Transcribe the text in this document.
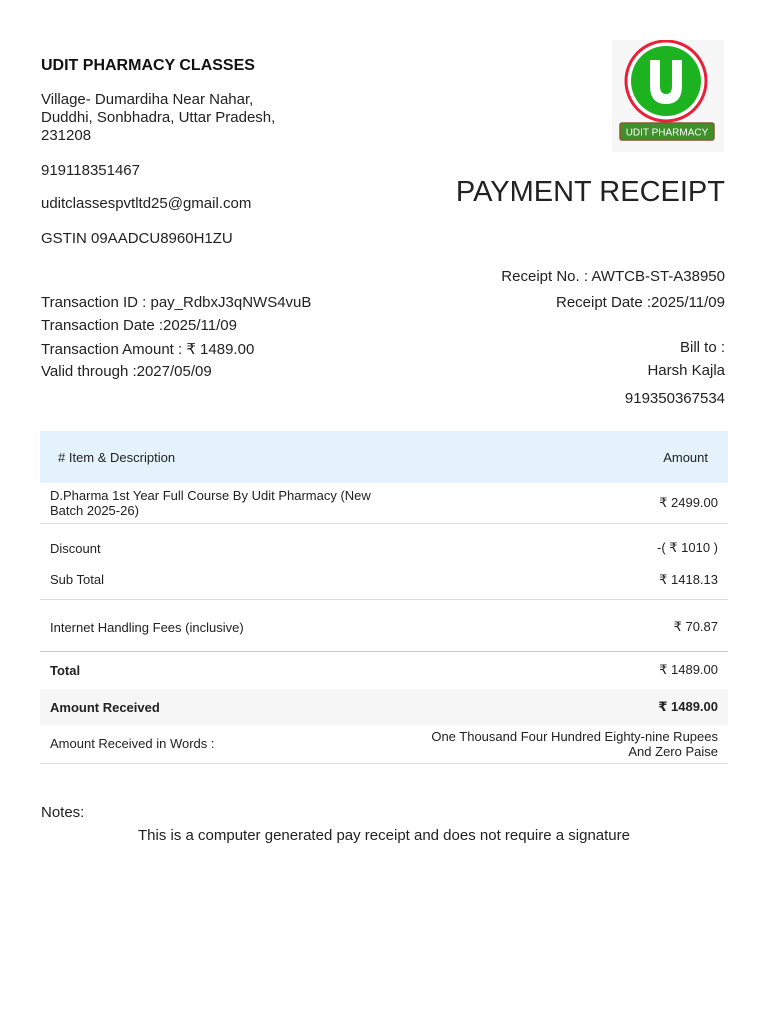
UDIT PHARMACY CLASSES
Village- Dumardiha Near Nahar,
Duddhi, Sonbhadra, Uttar Pradesh,
231208
919118351467
uditclassespvtltd25@gmail.com
GSTIN 09AADCU8960H1ZU
UDIT PHARMACY
PAYMENT RECEIPT
Receipt No. : AWTCB-ST-A38950
Receipt Date :2025/11/09
Bill to :
Harsh Kajla
919350367534
Transaction ID : pay_RdbxJ3qNWS4vuB
Transaction Date :2025/11/09
Transaction Amount : ₹ 1489.00
Valid through :2027/05/09
# Item & Description	Amount
D.Pharma 1st Year Full Course By Udit Pharmacy (New Batch 2025-26)	₹ 2499.00
Discount	-( ₹ 1010 )
Sub Total	₹ 1418.13
Internet Handling Fees (inclusive)	₹ 70.87
Total	₹ 1489.00
Amount Received	₹ 1489.00
Amount Received in Words :	One Thousand Four Hundred Eighty-nine Rupees And Zero Paise
Notes:
This is a computer generated pay receipt and does not require a signature
